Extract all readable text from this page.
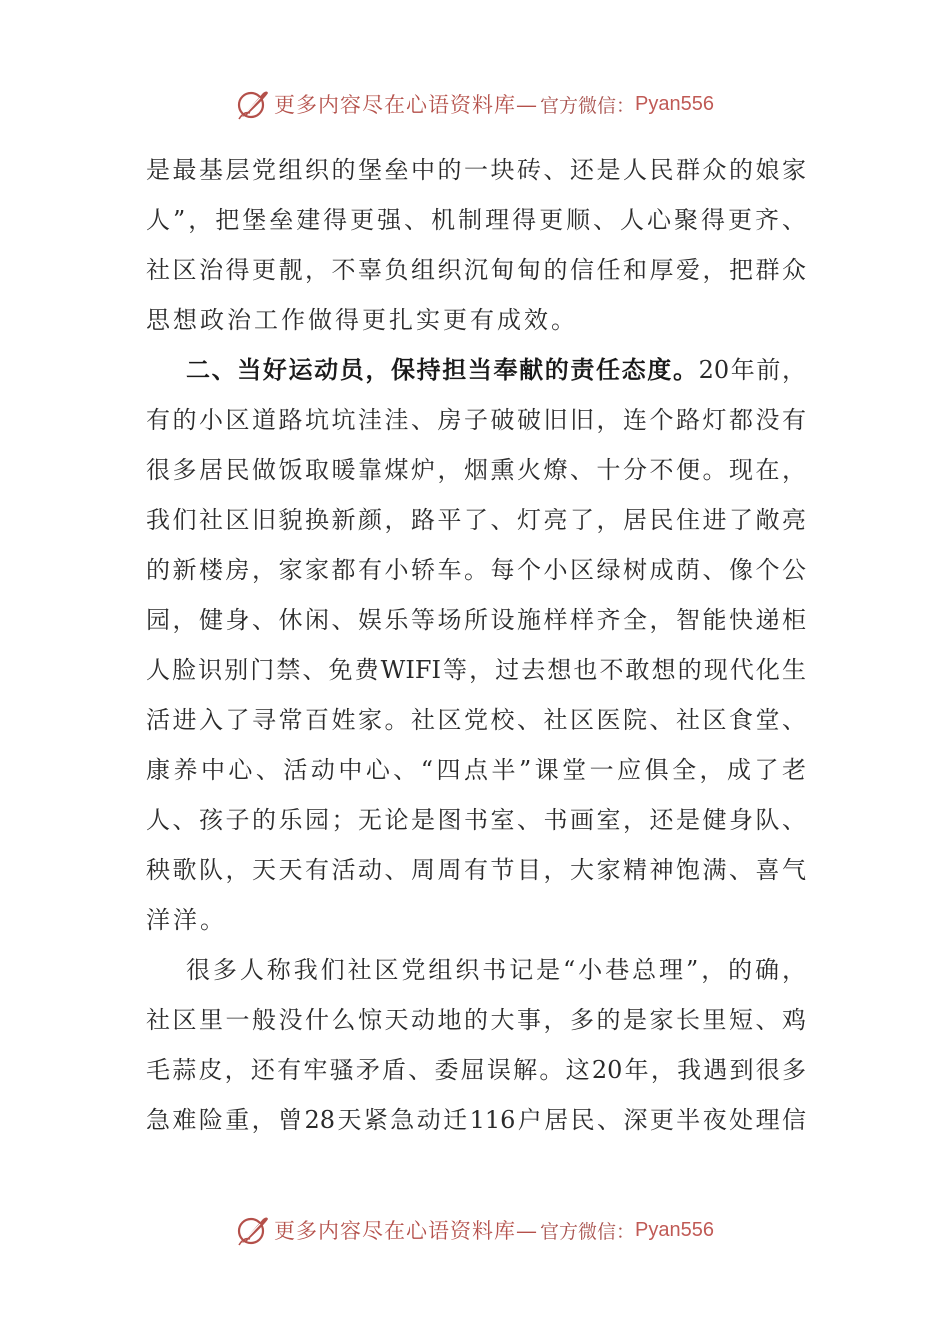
更多内容尽在心语资料库— 官方微信： Pyan556
是最基层党组织的堡垒中的一块砖、还是人民群众的娘家
人”，把堡垒建得更强、机制理得更顺、人心聚得更齐、
社区治得更靓，不辜负组织沉甸甸的信任和厚爱，把群众
思想政治工作做得更扎实更有成效。
二、当好运动员，保持担当奉献的责任态度。20年前，
有的小区道路坑坑洼洼、房子破破旧旧，连个路灯都没有
很多居民做饭取暖靠煤炉，烟熏火燎、十分不便。现在，
我们社区旧貌换新颜，路平了、灯亮了，居民住进了敞亮
的新楼房，家家都有小轿车。每个小区绿树成荫、像个公
园，健身、休闲、娱乐等场所设施样样齐全，智能快递柜
人脸识别门禁、免费WIFI等，过去想也不敢想的现代化生
活进入了寻常百姓家。社区党校、社区医院、社区食堂、
康养中心、活动中心、“四点半”课堂一应俱全，成了老
人、孩子的乐园；无论是图书室、书画室，还是健身队、
秧歌队，天天有活动、周周有节目，大家精神饱满、喜气
洋洋。
很多人称我们社区党组织书记是“小巷总理”，的确，
社区里一般没什么惊天动地的大事，多的是家长里短、鸡
毛蒜皮，还有牢骚矛盾、委屈误解。这20年，我遇到很多
急难险重，曾28天紧急动迁116户居民、深更半夜处理信
更多内容尽在心语资料库— 官方微信： Pyan556
